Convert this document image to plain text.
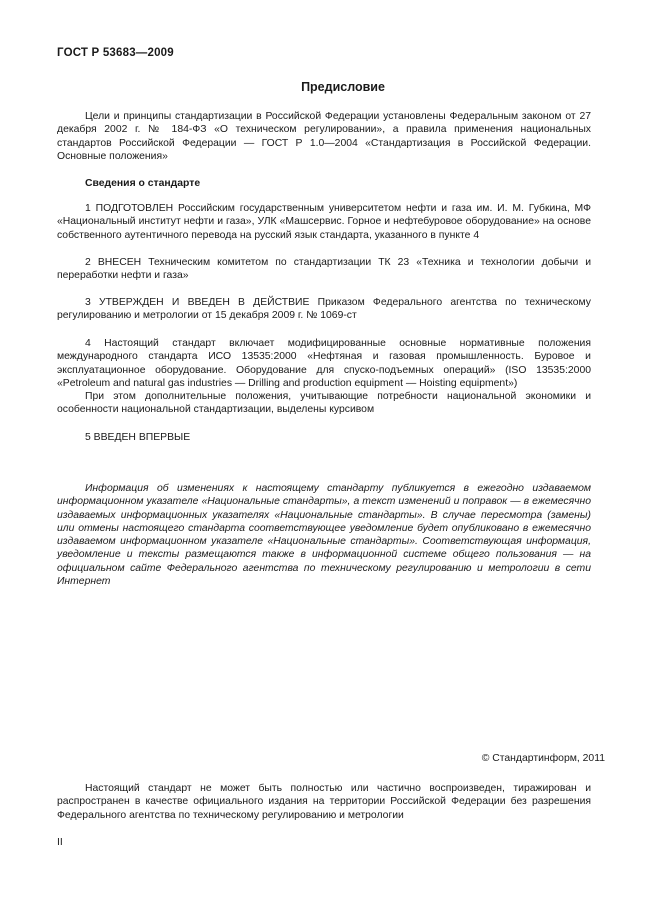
ГОСТ Р 53683—2009
Предисловие
Цели и принципы стандартизации в Российской Федерации установлены Федеральным законом от 27 декабря 2002 г. № 184-ФЗ «О техническом регулировании», а правила применения национальных стандартов Российской Федерации — ГОСТ Р 1.0—2004 «Стандартизация в Российской Федерации. Основные положения»
Сведения о стандарте
1 ПОДГОТОВЛЕН Российским государственным университетом нефти и газа им. И. М. Губкина, МФ «Национальный институт нефти и газа», УЛК «Машсервис. Горное и нефтебуровое оборудование» на основе собственного аутентичного перевода на русский язык стандарта, указанного в пункте 4
2 ВНЕСЕН Техническим комитетом по стандартизации ТК 23 «Техника и технологии добычи и переработки нефти и газа»
3 УТВЕРЖДЕН И ВВЕДЕН В ДЕЙСТВИЕ Приказом Федерального агентства по техническому регулированию и метрологии от 15 декабря 2009 г. № 1069-ст
4 Настоящий стандарт включает модифицированные основные нормативные положения международного стандарта ИСО 13535:2000 «Нефтяная и газовая промышленность. Буровое и эксплуатационное оборудование. Оборудование для спуско-подъемных операций» (ISO 13535:2000 «Petroleum and natural gas industries — Drilling and production equipment — Hoisting equipment»)
При этом дополнительные положения, учитывающие потребности национальной экономики и особенности национальной стандартизации, выделены курсивом
5 ВВЕДЕН ВПЕРВЫЕ
Информация об изменениях к настоящему стандарту публикуется в ежегодно издаваемом информационном указателе «Национальные стандарты», а текст изменений и поправок — в ежемесячно издаваемых информационных указателях «Национальные стандарты». В случае пересмотра (замены) или отмены настоящего стандарта соответствующее уведомление будет опубликовано в ежемесячно издаваемом информационном указателе «Национальные стандарты». Соответствующая информация, уведомление и тексты размещаются также в информационной системе общего пользования — на официальном сайте Федерального агентства по техническому регулированию и метрологии в сети Интернет
© Стандартинформ, 2011
Настоящий стандарт не может быть полностью или частично воспроизведен, тиражирован и распространен в качестве официального издания на территории Российской Федерации без разрешения Федерального агентства по техническому регулированию и метрологии
II
